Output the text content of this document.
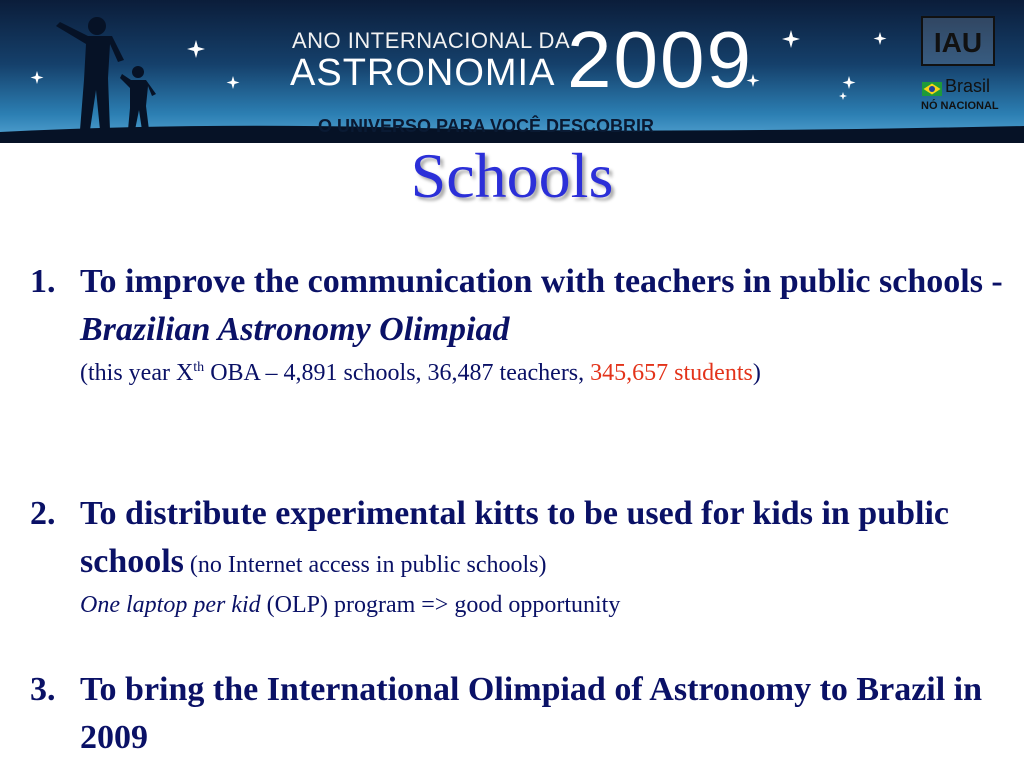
ANO INTERNACIONAL DA
ASTRONOMIA 2009
O UNIVERSO PARA VOCÊ DESCOBRIR
IAU
Brasil
NÓ NACIONAL
Schools
1. To improve the communication with teachers in public schools - Brazilian Astronomy Olimpiad
(this year Xth OBA – 4,891 schools, 36,487 teachers, 345,657 students)
2. To distribute experimental kitts to be used for kids in public schools (no Internet access in public schools)
One laptop per kid (OLP) program => good opportunity
3. To bring the International Olimpiad of Astronomy to Brazil in 2009
